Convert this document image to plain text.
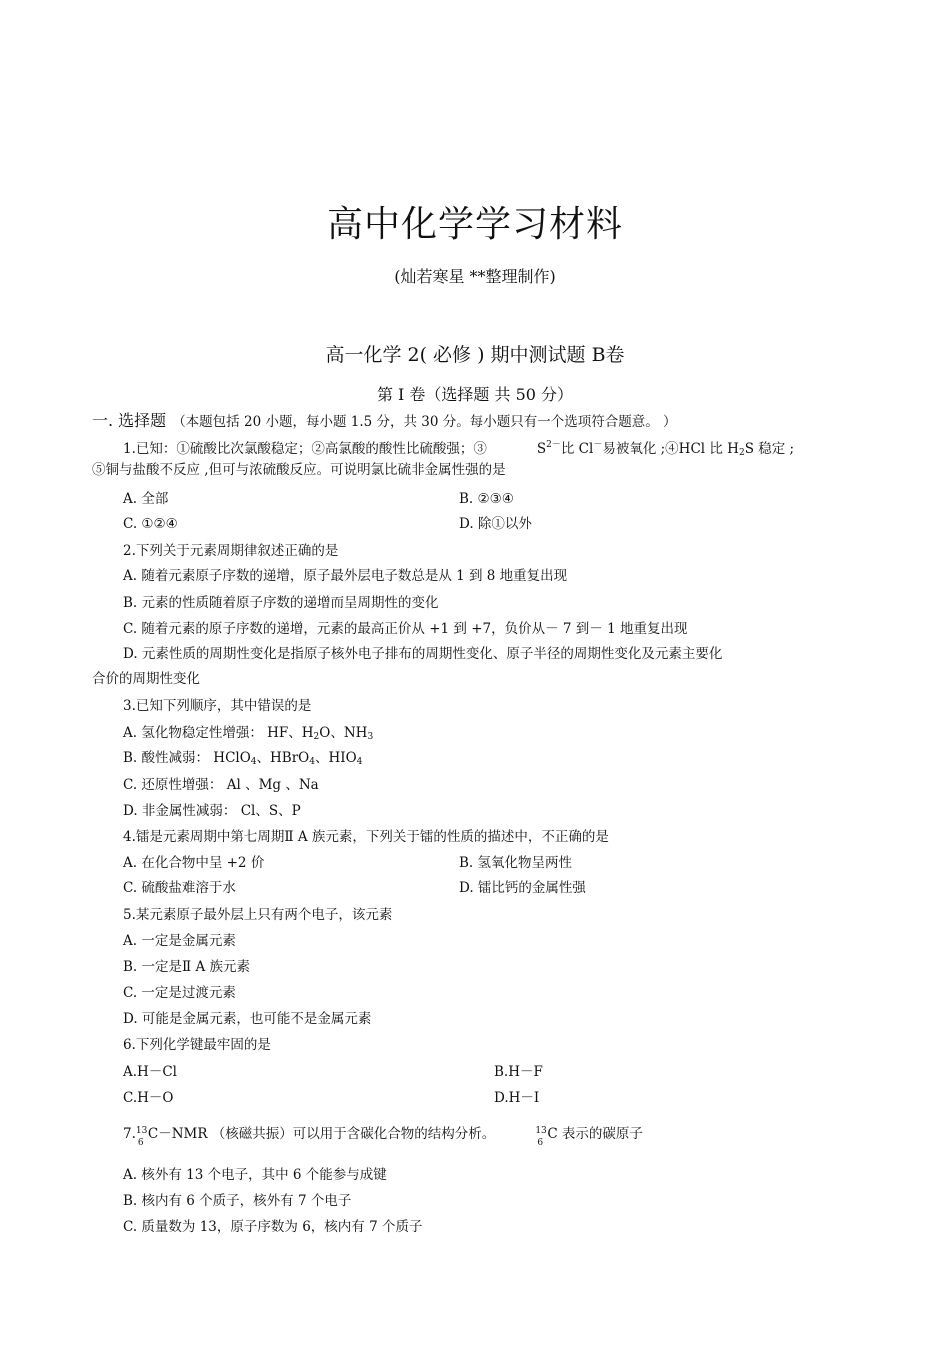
高中化学学习材料
(灿若寒星 **整理制作)
高一化学 2( 必修 ) 期中测试题 B卷
第 I 卷（选择题 共 50 分）
一. 选择题 （本题包括 20 小题，每小题 1.5 分，共 30 分。每小题只有一个选项符合题意。 ）
1.已知：①硫酸比次氯酸稳定；②高氯酸的酸性比硫酸强；③	$S^{2-}$比 Cl－易被氧化 ;④HCl 比 $H_2S$ 稳定 ;
⑤铜与盐酸不反应 ,但可与浓硫酸反应。可说明氯比硫非金属性强的是
A. 全部	B. ②③④
C. ①②④	D. 除①以外
2.下列关于元素周期律叙述正确的是
A. 随着元素原子序数的递增，原子最外层电子数总是从 1 到 8 地重复出现
B. 元素的性质随着原子序数的递增而呈周期性的变化
C. 随着元素的原子序数的递增，元素的最高正价从 +1 到 +7，负价从－ 7 到－ 1 地重复出现
D. 元素性质的周期性变化是指原子核外电子排布的周期性变化、原子半径的周期性变化及元素主要化
合价的周期性变化
3.已知下列顺序，其中错误的是
A. 氢化物稳定性增强： HF、$H_2O$、$NH_3$
B. 酸性减弱： HClO$_4$、HBrO$_4$、$HIO_4$
C. 还原性增强： Al 、Mg 、Na
D. 非金属性减弱： Cl、S、P
4.镭是元素周期中第七周期Ⅱ A 族元素，下列关于镭的性质的描述中，不正确的是
A. 在化合物中呈 +2 价	B. 氢氧化物呈两性
C. 硫酸盐难溶于水	D. 镭比钙的金属性强
5.某元素原子最外层上只有两个电子，该元素
A. 一定是金属元素
B. 一定是Ⅱ A 族元素
C. 一定是过渡元素
D. 可能是金属元素，也可能不是金属元素
6.下列化学键最牢固的是
A.H－Cl	B.H－F
C.H－O	D.H－I
7. 13
6
C－NMR （核磁共振）可以用于含碳化合物的结构分析。	13
6
C 表示的碳原子
A. 核外有 13 个电子，其中 6 个能参与成键
B. 核内有 6 个质子，核外有 7 个电子
C. 质量数为 13，原子序数为 6，核内有 7 个质子
